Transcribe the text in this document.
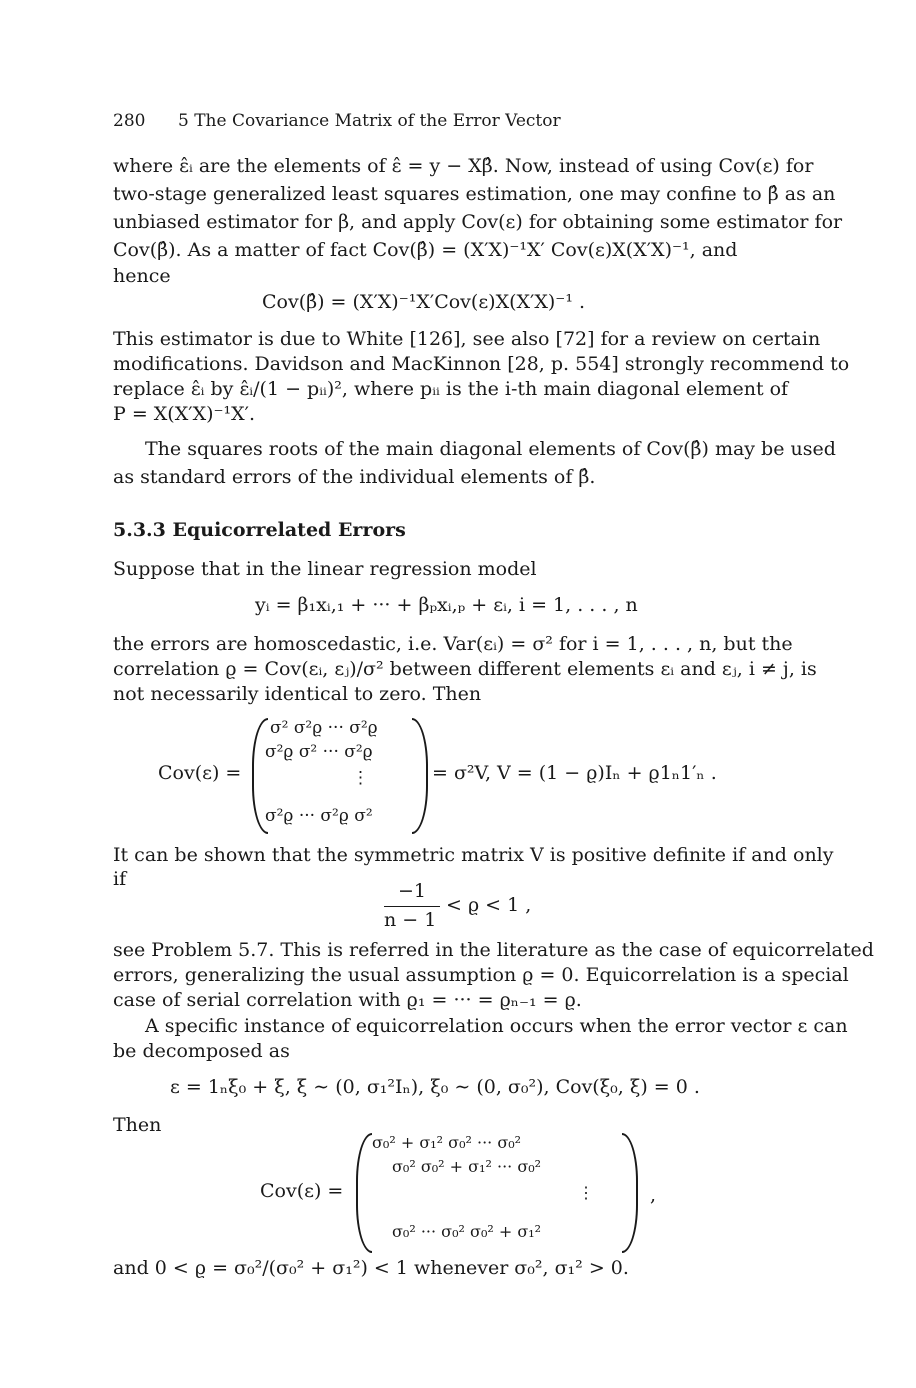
280 5 The Covariance Matrix of the Error Vector
where ε̂ᵢ are the elements of ε̂ = y − Xβ̂. Now, instead of using Cov(ε) for
two-stage generalized least squares estimation, one may confine to β̂ as an
unbiased estimator for β, and apply Cov(ε) for obtaining some estimator for
Cov(β̂). As a matter of fact Cov(β̂) = (X′X)⁻¹X′ Cov(ε)X(X′X)⁻¹, and
hence
Cov(β̂) = (X′X)⁻¹X′Cov(ε)X(X′X)⁻¹ .
This estimator is due to White [126], see also [72] for a review on certain
modifications. Davidson and MacKinnon [28, p. 554] strongly recommend to
replace ε̂ᵢ by ε̂ᵢ/(1 − pᵢᵢ)², where pᵢᵢ is the i-th main diagonal element of
P = X(X′X)⁻¹X′.
The squares roots of the main diagonal elements of Cov(β̂) may be used
as standard errors of the individual elements of β̂.
5.3.3 Equicorrelated Errors
Suppose that in the linear regression model
yᵢ = β₁xᵢ,₁ + ··· + βₚxᵢ,ₚ + εᵢ, i = 1, . . . , n
the errors are homoscedastic, i.e. Var(εᵢ) = σ² for i = 1, . . . , n, but the
correlation ϱ = Cov(εᵢ, εⱼ)/σ² between different elements εᵢ and εⱼ, i ≠ j, is
not necessarily identical to zero. Then
Cov(ε) =
σ² σ²ϱ ··· σ²ϱ
σ²ϱ σ² ··· σ²ϱ
⋮
σ²ϱ ··· σ²ϱ σ²
= σ²V, V = (1 − ϱ)Iₙ + ϱ1ₙ1′ₙ .
It can be shown that the symmetric matrix V is positive definite if and only
if
−1
n − 1
< ϱ < 1 ,
see Problem 5.7. This is referred in the literature as the case of equicorrelated
errors, generalizing the usual assumption ϱ = 0. Equicorrelation is a special
case of serial correlation with ϱ₁ = ··· = ϱₙ₋₁ = ϱ.
A specific instance of equicorrelation occurs when the error vector ε can
be decomposed as
ε = 1ₙξ₀ + ξ, ξ ∼ (0, σ₁²Iₙ), ξ₀ ∼ (0, σ₀²), Cov(ξ₀, ξ) = 0 .
Then
Cov(ε) =
σ₀² + σ₁² σ₀² ··· σ₀²
σ₀² σ₀² + σ₁² ··· σ₀²
⋮
σ₀² ··· σ₀² σ₀² + σ₁²
,
and 0 < ϱ = σ₀²/(σ₀² + σ₁²) < 1 whenever σ₀², σ₁² > 0.
